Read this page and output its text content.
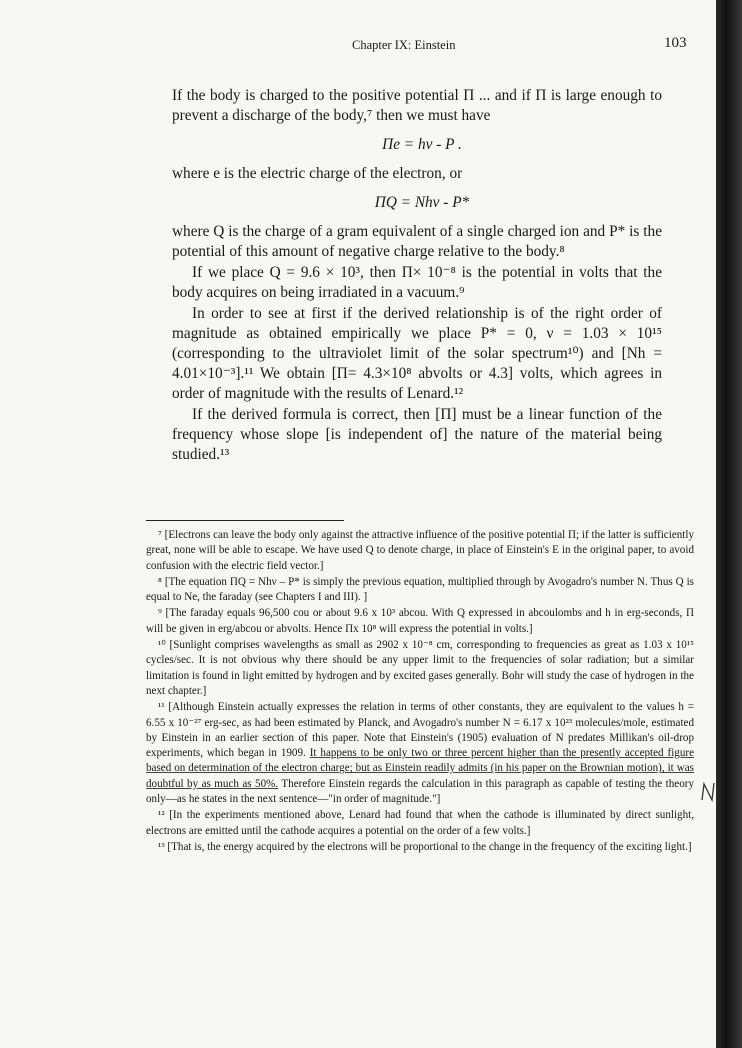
Chapter IX: Einstein	103

If the body is charged to the positive potential Π ... and if Π is large enough to prevent a discharge of the body,⁷ then we must have

Πe = hν - P .

where e is the electric charge of the electron, or

ΠQ = Nhν - P*

where Q is the charge of a gram equivalent of a single charged ion and P* is the potential of this amount of negative charge relative to the body.⁸

If we place Q = 9.6 × 10³, then Π× 10⁻⁸ is the potential in volts that the body acquires on being irradiated in a vacuum.⁹

In order to see at first if the derived relationship is of the right order of magnitude as obtained empirically we place P* = 0, ν = 1.03 × 10¹⁵ (corresponding to the ultraviolet limit of the solar spectrum¹⁰) and [Nh = 4.01×10⁻³].¹¹ We obtain [Π= 4.3×10⁸ abvolts or 4.3] volts, which agrees in order of magnitude with the results of Lenard.¹²

If the derived formula is correct, then [Π] must be a linear function of the frequency whose slope [is independent of] the nature of the material being studied.¹³

⁷ [Electrons can leave the body only against the attractive influence of the positive potential Π; if the latter is sufficiently great, none will be able to escape. We have used Q to denote charge, in place of Einstein's E in the original paper, to avoid confusion with the electric field vector.]

⁸ [The equation ΠQ = Nhν – P* is simply the previous equation, multiplied through by Avogadro's number N. Thus Q is equal to Ne, the faraday (see Chapters I and III). ]

⁹ [The faraday equals 96,500 cou or about 9.6 x 10³ abcou. With Q expressed in abcoulombs and h in erg-seconds, Π will be given in erg/abcou or abvolts. Hence Πx 10⁸ will express the potential in volts.]

¹⁰ [Sunlight comprises wavelengths as small as 2902 x 10⁻⁸ cm, corresponding to frequencies as great as 1.03 x 10¹⁵ cycles/sec. It is not obvious why there should be any upper limit to the frequencies of solar radiation; but a similar limitation is found in light emitted by hydrogen and by excited gases generally. Bohr will study the case of hydrogen in the next chapter.]

¹¹ [Although Einstein actually expresses the relation in terms of other constants, they are equivalent to the values h = 6.55 x 10⁻²⁷ erg-sec, as had been estimated by Planck, and Avogadro's number N = 6.17 x 10²³ molecules/mole, estimated by Einstein in an earlier section of this paper. Note that Einstein's (1905) evaluation of N predates Millikan's oil-drop experiments, which began in 1909. It happens to be only two or three percent higher than the presently accepted figure based on determination of the electron charge; but as Einstein readily admits (in his paper on the Brownian motion), it was doubtful by as much as 50%. Therefore Einstein regards the calculation in this paragraph as capable of testing the theory only—as he states in the next sentence—"in order of magnitude."]

¹² [In the experiments mentioned above, Lenard had found that when the cathode is illuminated by direct sunlight, electrons are emitted until the cathode acquires a potential on the order of a few volts.]

¹³ [That is, the energy acquired by the electrons will be proportional to the change in the frequency of the exciting light.]
